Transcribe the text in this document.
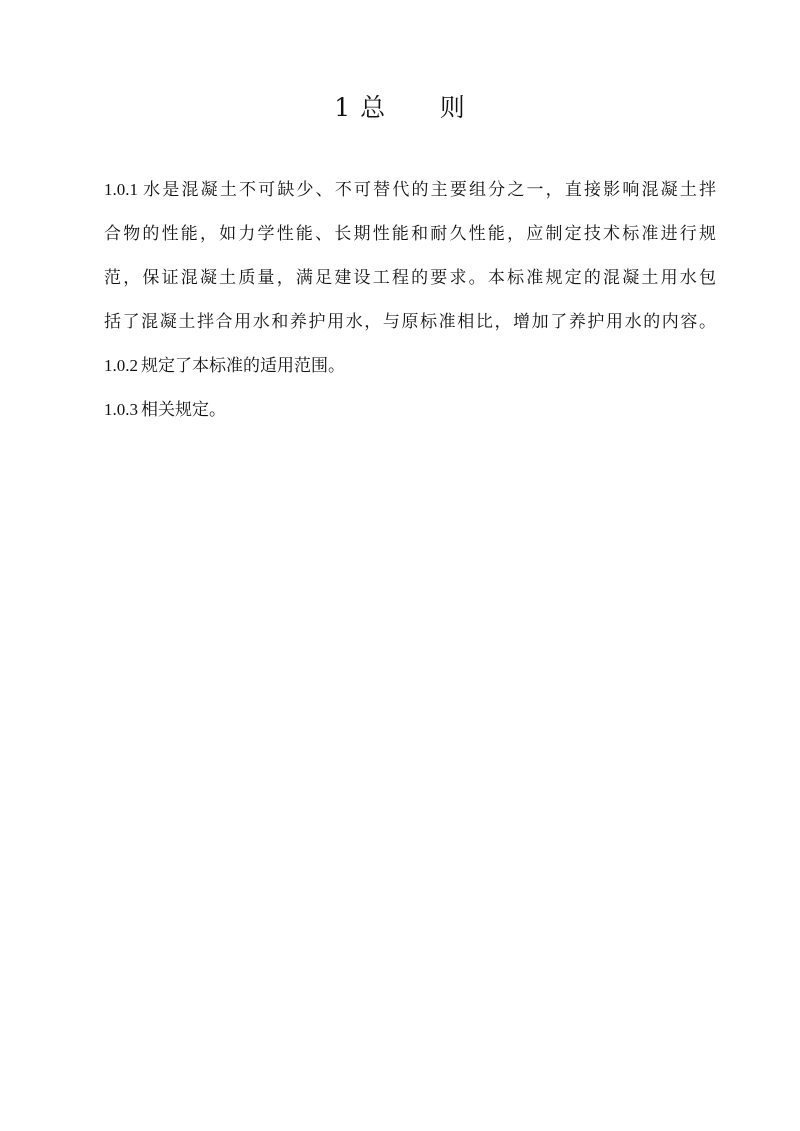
1 总      则
1.0.1 水是混凝土不可缺少、不可替代的主要组分之一，直接影响混凝土拌
合物的性能，如力学性能、长期性能和耐久性能，应制定技术标准进行规
范，保证混凝土质量，满足建设工程的要求。本标准规定的混凝土用水包
括了混凝土拌合用水和养护用水，与原标准相比，增加了养护用水的内容。
1.0.2 规定了本标准的适用范围。
1.0.3 相关规定。
